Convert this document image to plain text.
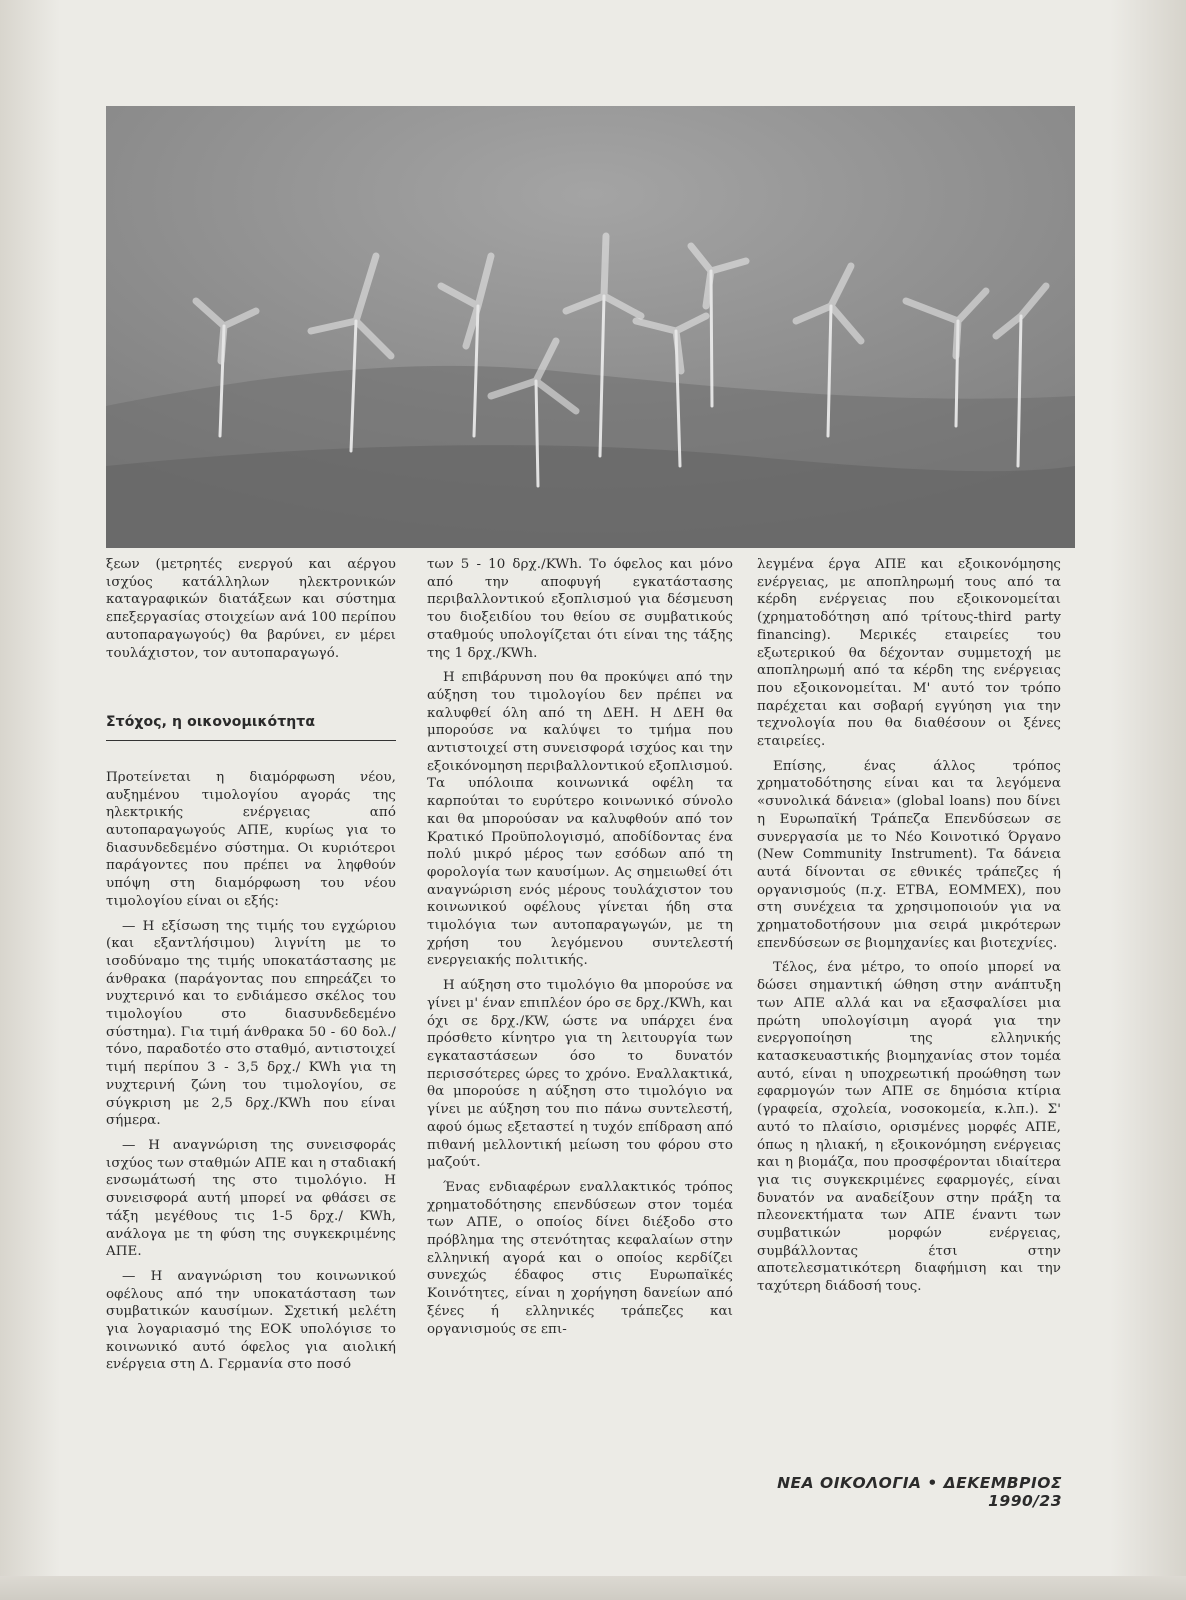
ξεων (μετρητές ενεργού και αέργου ισχύος κατάλληλων ηλεκτρονικών καταγραφικών διατάξεων και σύστημα επεξεργασίας στοιχείων ανά 100 περίπου αυτοπαραγωγούς) θα βαρύνει, εν μέρει τουλάχιστον, τον αυτοπαραγωγό.

Στόχος, η οικονομικότητα

Προτείνεται η διαμόρφωση νέου, αυξημένου τιμολογίου αγοράς της ηλεκτρικής ενέργειας από αυτοπαραγωγούς ΑΠΕ, κυρίως για το διασυνδεδεμένο σύστημα. Οι κυριότεροι παράγοντες που πρέπει να ληφθούν υπόψη στη διαμόρφωση του νέου τιμολογίου είναι οι εξής:

— Η εξίσωση της τιμής του εγχώριου (και εξαντλήσιμου) λιγνίτη με το ισοδύναμο της τιμής υποκατάστασης με άνθρακα (παράγοντας που επηρεάζει το νυχτερινό και το ενδιάμεσο σκέλος του τιμολογίου στο διασυνδεδεμένο σύστημα). Για τιμή άνθρακα 50 - 60 δολ./τόνο, παραδοτέο στο σταθμό, αντιστοιχεί τιμή περίπου 3 - 3,5 δρχ./ KWh για τη νυχτερινή ζώνη του τιμολογίου, σε σύγκριση με 2,5 δρχ./KWh που είναι σήμερα.

— Η αναγνώριση της συνεισφοράς ισχύος των σταθμών ΑΠΕ και η σταδιακή ενσωμάτωσή της στο τιμολόγιο. Η συνεισφορά αυτή μπορεί να φθάσει σε τάξη μεγέθους τις 1-5 δρχ./ KWh, ανάλογα με τη φύση της συγκεκριμένης ΑΠΕ.

— Η αναγνώριση του κοινωνικού οφέλους από την υποκατάσταση των συμβατικών καυσίμων. Σχετική μελέτη για λογαριασμό της ΕΟΚ υπολόγισε το κοινωνικό αυτό όφελος για αιολική ενέργεια στη Δ. Γερμανία στο ποσό

των 5 - 10 δρχ./KWh. Το όφελος και μόνο από την αποφυγή εγκατάστασης περιβαλλοντικού εξοπλισμού για δέσμευση του διοξειδίου του θείου σε συμβατικούς σταθμούς υπολογίζεται ότι είναι της τάξης της 1 δρχ./KWh.

Η επιβάρυνση που θα προκύψει από την αύξηση του τιμολογίου δεν πρέπει να καλυφθεί όλη από τη ΔΕΗ. Η ΔΕΗ θα μπορούσε να καλύψει το τμήμα που αντιστοιχεί στη συνεισφορά ισχύος και την εξοικόνομηση περιβαλλοντικού εξοπλισμού. Τα υπόλοιπα κοινωνικά οφέλη τα καρπούται το ευρύτερο κοινωνικό σύνολο και θα μπορούσαν να καλυφθούν από τον Κρατικό Προϋπολογισμό, αποδίδοντας ένα πολύ μικρό μέρος των εσόδων από τη φορολογία των καυσίμων. Ας σημειωθεί ότι αναγνώριση ενός μέρους τουλάχιστον του κοινωνικού οφέλους γίνεται ήδη στα τιμολόγια των αυτοπαραγωγών, με τη χρήση του λεγόμενου συντελεστή ενεργειακής πολιτικής.

Η αύξηση στο τιμολόγιο θα μπορούσε να γίνει μ' έναν επιπλέον όρο σε δρχ./KWh, και όχι σε δρχ./KW, ώστε να υπάρχει ένα πρόσθετο κίνητρο για τη λειτουργία των εγκαταστάσεων όσο το δυνατόν περισσότερες ώρες το χρόνο. Εναλλακτικά, θα μπορούσε η αύξηση στο τιμολόγιο να γίνει με αύξηση του πιο πάνω συντελεστή, αφού όμως εξεταστεί η τυχόν επίδραση από πιθανή μελλοντική μείωση του φόρου στο μαζούτ.

Ένας ενδιαφέρων εναλλακτικός τρόπος χρηματοδότησης επενδύσεων στον τομέα των ΑΠΕ, ο οποίος δίνει διέξοδο στο πρόβλημα της στενότητας κεφαλαίων στην ελληνική αγορά και ο οποίος κερδίζει συνεχώς έδαφος στις Ευρωπαϊκές Κοινότητες, είναι η χορήγηση δανείων από ξένες ή ελληνικές τράπεζες και οργανισμούς σε επι-

λεγμένα έργα ΑΠΕ και εξοικονόμησης ενέργειας, με αποπληρωμή τους από τα κέρδη ενέργειας που εξοικονομείται (χρηματοδότηση από τρίτους-third party financing). Μερικές εταιρείες του εξωτερικού θα δέχονταν συμμετοχή με αποπληρωμή από τα κέρδη της ενέργειας που εξοικονομείται. Μ' αυτό τον τρόπο παρέχεται και σοβαρή εγγύηση για την τεχνολογία που θα διαθέσουν οι ξένες εταιρείες.

Επίσης, ένας άλλος τρόπος χρηματοδότησης είναι και τα λεγόμενα «συνολικά δάνεια» (global loans) που δίνει η Ευρωπαϊκή Τράπεζα Επενδύσεων σε συνεργασία με το Νέο Κοινοτικό Όργανο (New Community Instrument). Τα δάνεια αυτά δίνονται σε εθνικές τράπεζες ή οργανισμούς (π.χ. ΕΤΒΑ, ΕΟΜΜΕΧ), που στη συνέχεια τα χρησιμοποιούν για να χρηματοδοτήσουν μια σειρά μικρότερων επενδύσεων σε βιομηχανίες και βιοτεχνίες.

Τέλος, ένα μέτρο, το οποίο μπορεί να δώσει σημαντική ώθηση στην ανάπτυξη των ΑΠΕ αλλά και να εξασφαλίσει μια πρώτη υπολογίσιμη αγορά για την ενεργοποίηση της ελληνικής κατασκευαστικής βιομηχανίας στον τομέα αυτό, είναι η υποχρεωτική προώθηση των εφαρμογών των ΑΠΕ σε δημόσια κτίρια (γραφεία, σχολεία, νοσοκομεία, κ.λπ.). Σ' αυτό το πλαίσιο, ορισμένες μορφές ΑΠΕ, όπως η ηλιακή, η εξοικονόμηση ενέργειας και η βιομάζα, που προσφέρονται ιδιαίτερα για τις συγκεκριμένες εφαρμογές, είναι δυνατόν να αναδείξουν στην πράξη τα πλεονεκτήματα των ΑΠΕ έναντι των συμβατικών μορφών ενέργειας, συμβάλλοντας έτσι στην αποτελεσματικότερη διαφήμιση και την ταχύτερη διάδοσή τους.

ΝΕΑ ΟΙΚΟΛΟΓΙΑ • ΔΕΚΕΜΒΡΙΟΣ 1990/23
